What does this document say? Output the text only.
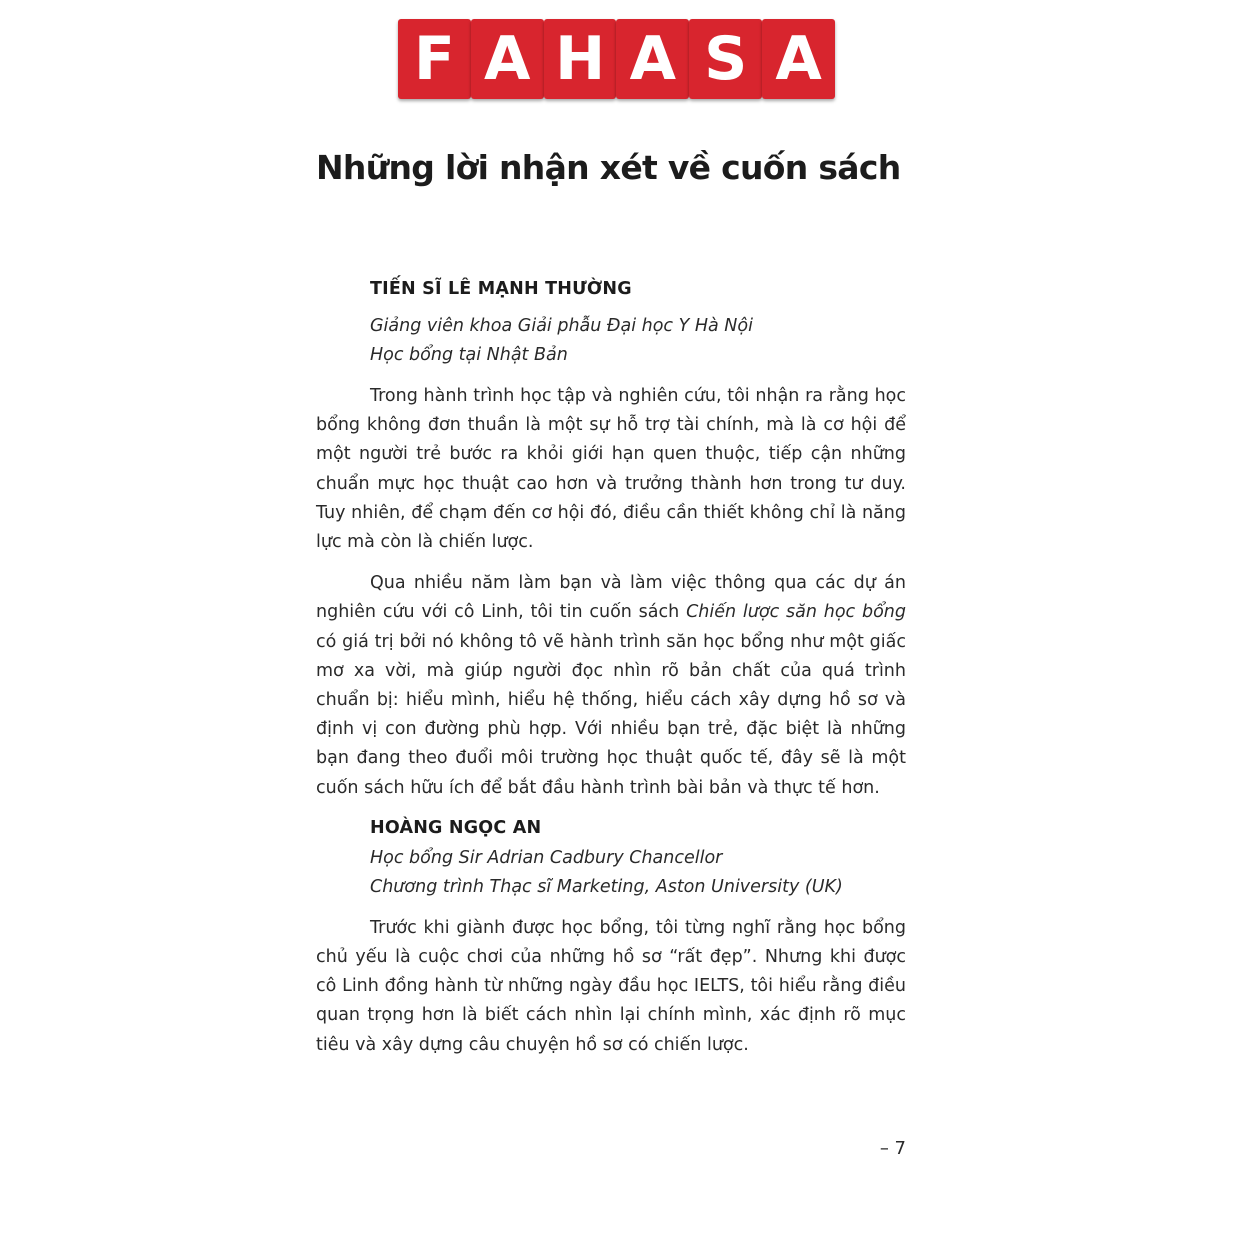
F A H A S A
Những lời nhận xét về cuốn sách

TIẾN SĨ LÊ MẠNH THƯỜNG

Giảng viên khoa Giải phẫu Đại học Y Hà Nội

Học bổng tại Nhật Bản

Trong hành trình học tập và nghiên cứu, tôi nhận ra rằng học bổng không đơn thuần là một sự hỗ trợ tài chính, mà là cơ hội để một người trẻ bước ra khỏi giới hạn quen thuộc, tiếp cận những chuẩn mực học thuật cao hơn và trưởng thành hơn trong tư duy. Tuy nhiên, để chạm đến cơ hội đó, điều cần thiết không chỉ là năng lực mà còn là chiến lược.

Qua nhiều năm làm bạn và làm việc thông qua các dự án nghiên cứu với cô Linh, tôi tin cuốn sách Chiến lược săn học bổng có giá trị bởi nó không tô vẽ hành trình săn học bổng như một giấc mơ xa vời, mà giúp người đọc nhìn rõ bản chất của quá trình chuẩn bị: hiểu mình, hiểu hệ thống, hiểu cách xây dựng hồ sơ và định vị con đường phù hợp. Với nhiều bạn trẻ, đặc biệt là những bạn đang theo đuổi môi trường học thuật quốc tế, đây sẽ là một cuốn sách hữu ích để bắt đầu hành trình bài bản và thực tế hơn.

HOÀNG NGỌC AN

Học bổng Sir Adrian Cadbury Chancellor

Chương trình Thạc sĩ Marketing, Aston University (UK)

Trước khi giành được học bổng, tôi từng nghĩ rằng học bổng chủ yếu là cuộc chơi của những hồ sơ “rất đẹp”. Nhưng khi được cô Linh đồng hành từ những ngày đầu học IELTS, tôi hiểu rằng điều quan trọng hơn là biết cách nhìn lại chính mình, xác định rõ mục tiêu và xây dựng câu chuyện hồ sơ có chiến lược.

– 7
